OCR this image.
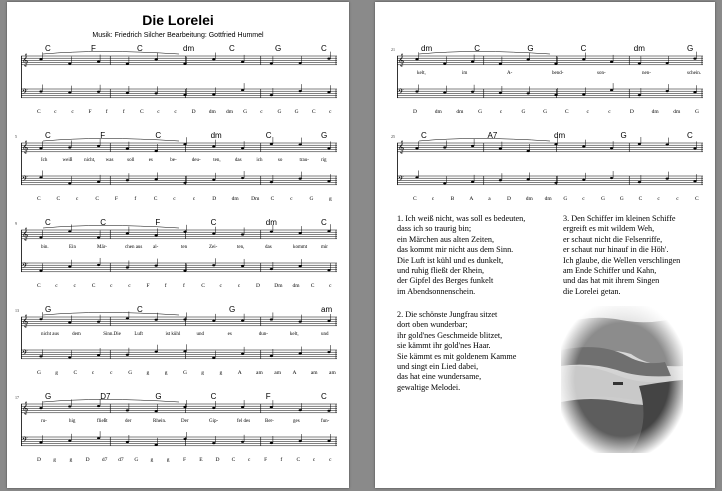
Die Lorelei
Musik: Friedrich Silcher Bearbeitung: Gottfried Hummel
𝄞
𝄢
C	F	C	dm	C	G	C
C c	c	F	f	f	C c	c	D dm dm G c	G G C c
𝄞
𝄢
5	C	F	C	dm	C	G
Ich	weiß nicht, was	soll	es	be-	deu-	ten,	das	ich	so	trau- rig
C	C	c	C	F	f	C	c	c	D	dm Dm C	c	G	g
𝄞
𝄢
9	C	C	F	C	dm	C
bin.	Ein	Mär-	chen aus al-	ten	Zei-	ten,	das	kommt	mir
C	c	c	C	c	c	F	f	f	C	c	c	D	Dm dm C	c
𝄞
𝄢
13	G	C	G	am
nicht aus	dem	Sinn.Die	Luft	ist kühl	und	es	dun-	kelt,	und
G	g	C	c	c	G	g	g	G	g	g	A	am am A	am am
𝄞
𝄢
17	G	D7	G	C	F	C
ru-	hig	fließt	der	Rhein.	Der	Gip-	fel des	Ber-	ges	fun-
D g g D d7 d7 G g g F E D C c	F f	C c	c
𝄞
𝄢
21	dm	C	G	C	dm	G
kelt,	im	A-	bend-	son-	nen-	schein.
D	dm	dm	G	c	G	G	C	c	c	D	dm	dm	G
𝄞
𝄢
25	C	A7	dm	G	C
C	c	B	A	a	D	dm dm G	c	G	G	C	c	c	C
1. Ich weiß nicht, was soll es bedeuten,
dass ich so traurig bin;
ein Märchen aus alten Zeiten,
das kommt mir nicht aus dem Sinn.
Die Luft ist kühl und es dunkelt,
und ruhig fließt der Rhein,
der Gipfel des Berges funkelt
im Abendsonnenschein.
2. Die schönste Jungfrau sitzet
dort oben wunderbar;
ihr gold'nes Geschmeide blitzet,
sie kämmt ihr gold'nes Haar.
Sie kämmt es mit goldenem Kamme
und singt ein Lied dabei,
das hat eine wundersame,
gewaltige Melodei.
3. Den Schiffer im kleinen Schiffe
ergreift es mit wildem Weh,
er schaut nicht die Felsenriffe,
er schaut nur hinauf in die Höh'.
Ich glaube, die Wellen verschlingen
am Ende Schiffer und Kahn,
und das hat mit ihrem Singen
die Lorelei getan.
